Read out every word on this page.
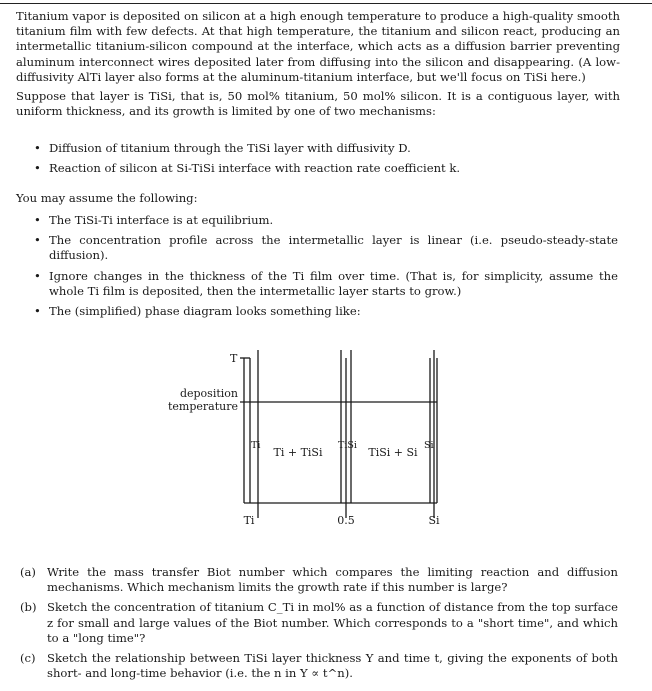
Titanium vapor is deposited on silicon at a high enough temperature to produce a high-quality smooth titanium film with few defects. At that high temperature, the titanium and silicon react, producing an intermetallic titanium-silicon compound at the interface, which acts as a diffusion barrier preventing aluminum interconnect wires deposited later from diffusing into the silicon and disappearing. (A low-diffusivity AlTi layer also forms at the aluminum-titanium interface, but we'll focus on TiSi here.)

Suppose that layer is TiSi, that is, 50 mol% titanium, 50 mol% silicon. It is a contiguous layer, with uniform thickness, and its growth is limited by one of two mechanisms:

• Diffusion of titanium through the TiSi layer with diffusivity D.
• Reaction of silicon at Si-TiSi interface with reaction rate coefficient k.
You may assume the following:
• The TiSi-Ti interface is at equilibrium.
• The concentration profile across the intermetallic layer is linear (i.e. pseudo-steady-state diffusion).
• Ignore changes in the thickness of the Ti film over time. (That is, for simplicity, assume the whole Ti film is deposited, then the intermetallic layer starts to grow.)
• The (simplified) phase diagram looks something like:
T
deposition
temperature
Ti	TiSi	Si
Ti + TiSi	TiSi + Si
Ti	0.5	Si
(a) Write the mass transfer Biot number which compares the limiting reaction and diffusion mechanisms. Which mechanism limits the growth rate if this number is large?
(b) Sketch the concentration of titanium C_Ti in mol% as a function of distance from the top surface z for small and large values of the Biot number. Which corresponds to a "short time", and which to a "long time"?
(c) Sketch the relationship between TiSi layer thickness Y and time t, giving the exponents of both short- and long-time behavior (i.e. the n in Y ∝ t^n).
